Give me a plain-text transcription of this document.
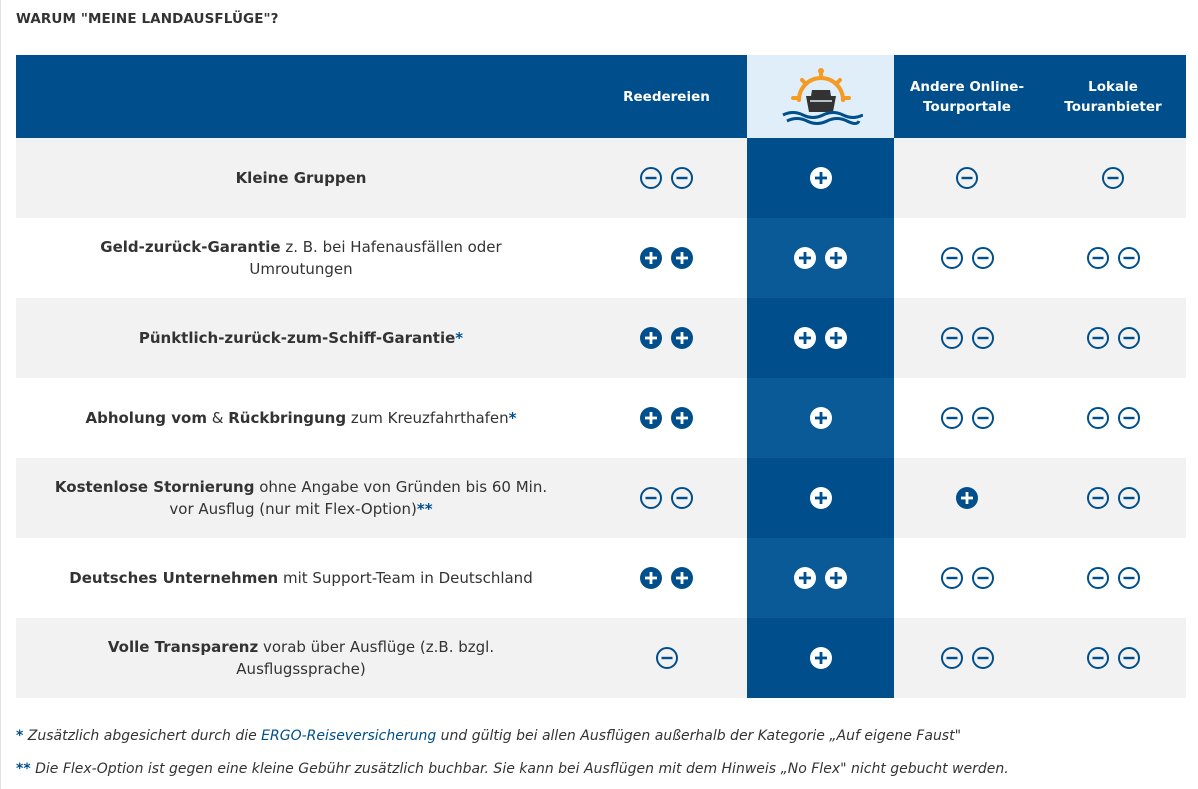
WARUM "MEINE LANDAUSFLÜGE"?
Reedereien
Andere Online-
Tourportale
Lokale
Touranbieter
Kleine Gruppen
Geld-zurück-Garantie z. B. bei Hafenausfällen oder Umroutungen
Pünktlich-zurück-zum-Schiff-Garantie*
Abholung vom & Rückbringung zum Kreuzfahrthafen*
Kostenlose Stornierung ohne Angabe von Gründen bis 60 Min. vor Ausflug (nur mit Flex-Option)**
Deutsches Unternehmen mit Support-Team in Deutschland
Volle Transparenz vorab über Ausflüge (z.B. bzgl. Ausflugssprache)
* Zusätzlich abgesichert durch die ERGO-Reiseversicherung und gültig bei allen Ausflügen außerhalb der Kategorie „Auf eigene Faust"
** Die Flex-Option ist gegen eine kleine Gebühr zusätzlich buchbar. Sie kann bei Ausflügen mit dem Hinweis „No Flex" nicht gebucht werden.
